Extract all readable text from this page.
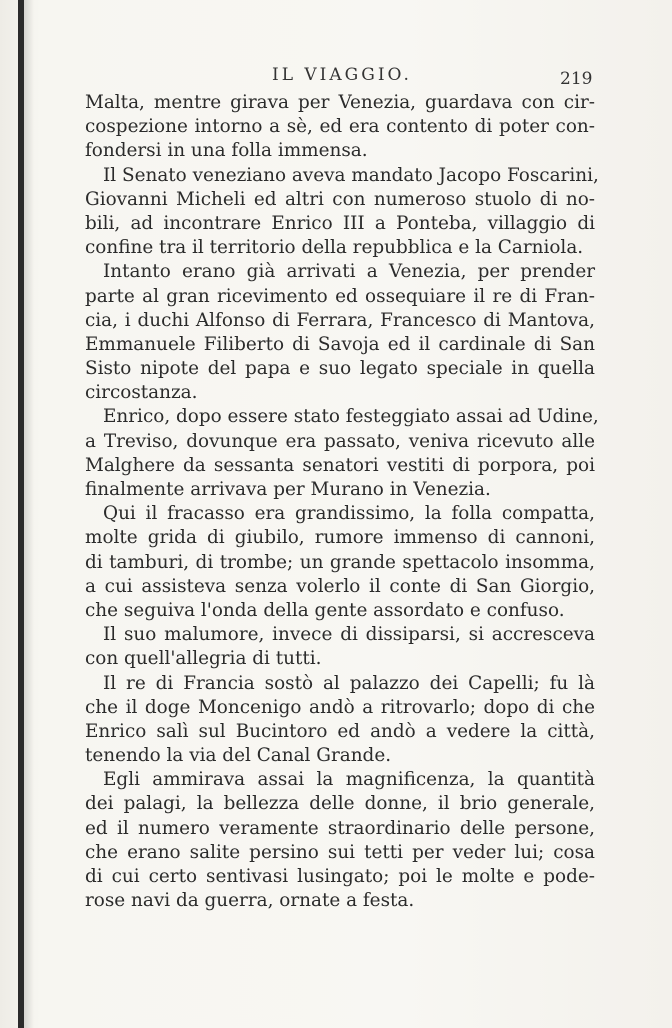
IL VIAGGIO.	219
Malta, mentre girava per Venezia, guardava con cir-
cospezione intorno a sè, ed era contento di poter con-
fondersi in una folla immensa.
Il Senato veneziano aveva mandato Jacopo Foscarini,
Giovanni Micheli ed altri con numeroso stuolo di no-
bili, ad incontrare Enrico III a Ponteba, villaggio di
confine tra il territorio della repubblica e la Carniola.
Intanto erano già arrivati a Venezia, per prender
parte al gran ricevimento ed ossequiare il re di Fran-
cia, i duchi Alfonso di Ferrara, Francesco di Mantova,
Emmanuele Filiberto di Savoja ed il cardinale di San
Sisto nipote del papa e suo legato speciale in quella
circostanza.
Enrico, dopo essere stato festeggiato assai ad Udine,
a Treviso, dovunque era passato, veniva ricevuto alle
Malghere da sessanta senatori vestiti di porpora, poi
finalmente arrivava per Murano in Venezia.
Qui il fracasso era grandissimo, la folla compatta,
molte grida di giubilo, rumore immenso di cannoni,
di tamburi, di trombe; un grande spettacolo insomma,
a cui assisteva senza volerlo il conte di San Giorgio,
che seguiva l'onda della gente assordato e confuso.
Il suo malumore, invece di dissiparsi, si accresceva
con quell'allegria di tutti.
Il re di Francia sostò al palazzo dei Capelli; fu là
che il doge Moncenigo andò a ritrovarlo; dopo di che
Enrico salì sul Bucintoro ed andò a vedere la città,
tenendo la via del Canal Grande.
Egli ammirava assai la magnificenza, la quantità
dei palagi, la bellezza delle donne, il brio generale,
ed il numero veramente straordinario delle persone,
che erano salite persino sui tetti per veder lui; cosa
di cui certo sentivasi lusingato; poi le molte e pode-
rose navi da guerra, ornate a festa.
